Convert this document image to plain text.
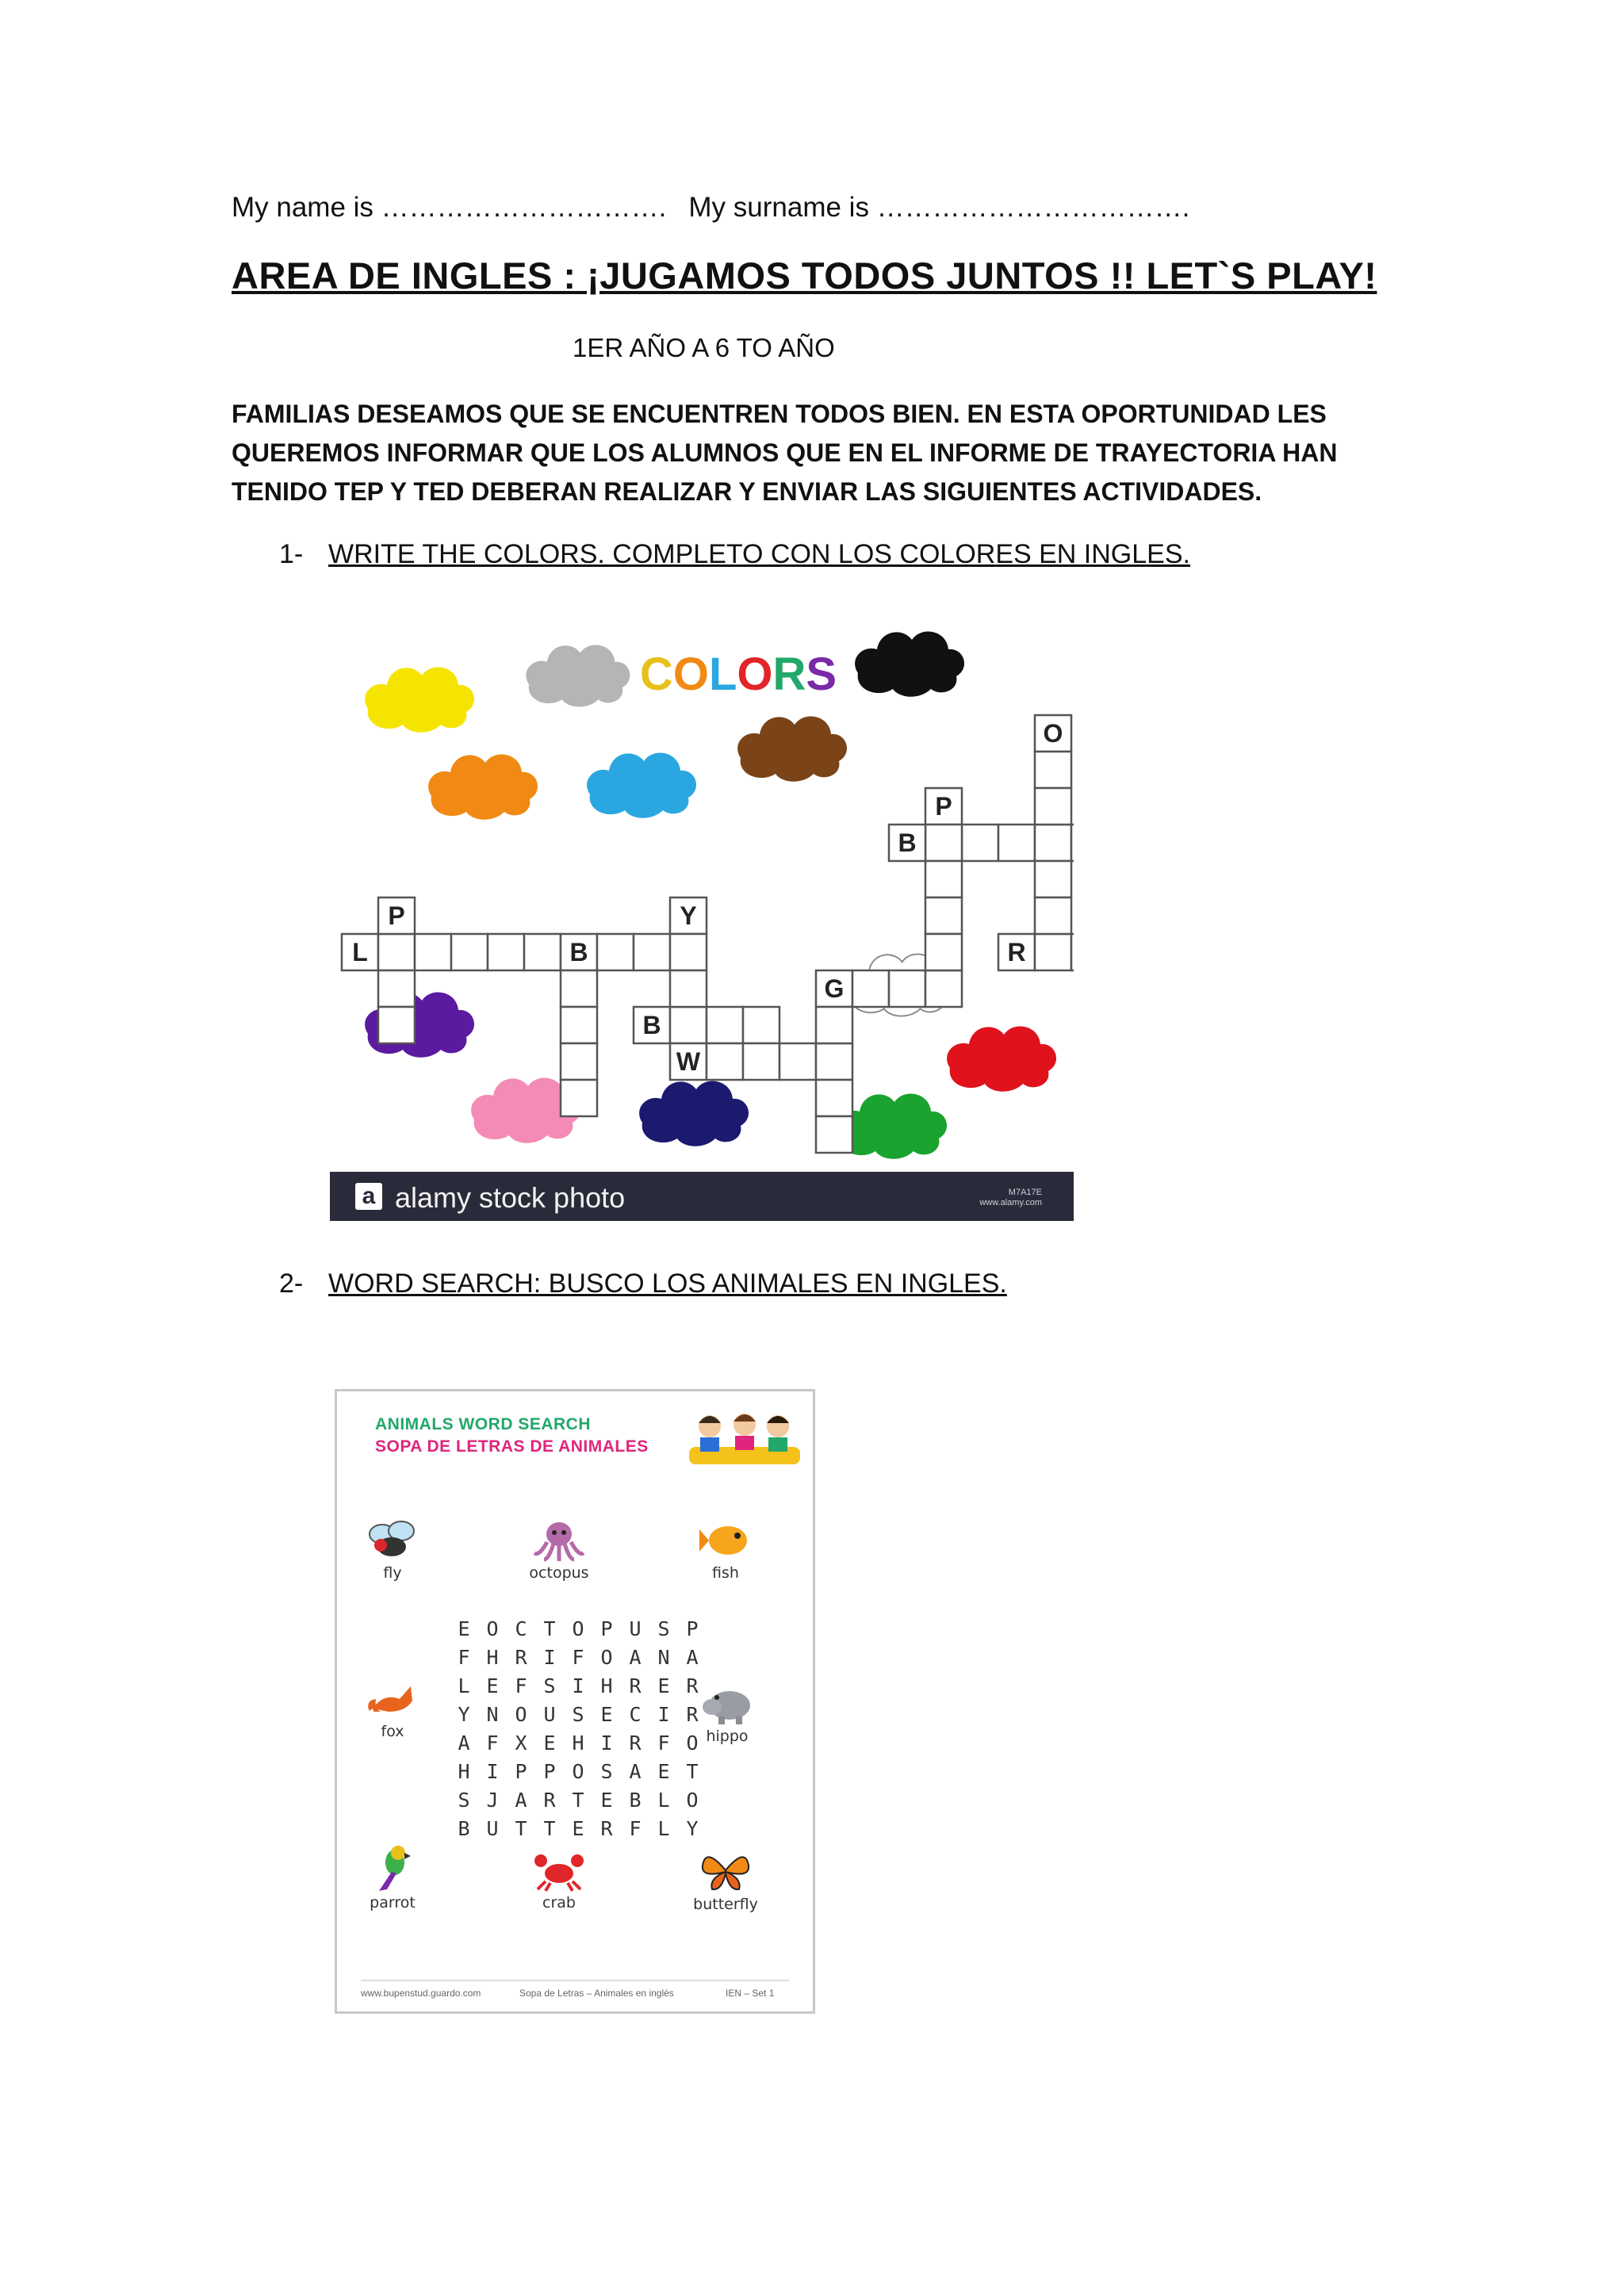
My name is …………………………. My surname is …………………………….
AREA DE INGLES : ¡JUGAMOS TODOS JUNTOS !! LET`S PLAY!
1ER AÑO A 6 TO AÑO
FAMILIAS DESEAMOS QUE SE ENCUENTREN TODOS BIEN. EN ESTA OPORTUNIDAD LES QUEREMOS INFORMAR QUE LOS ALUMNOS QUE EN EL INFORME DE TRAYECTORIA HAN TENIDO TEP Y TED DEBERAN REALIZAR Y ENVIAR LAS SIGUIENTES ACTIVIDADES.
1- WRITE THE COLORS. COMPLETO CON LOS COLORES EN INGLES.
COLORS
O
P
B
P	Y
L	B	R
G
B
W
a alamy stock photo	M7A17E
www.alamy.com
2- WORD SEARCH: BUSCO LOS ANIMALES EN INGLES.
ANIMALS WORD SEARCH
SOPA DE LETRAS DE ANIMALES
fly	octopus	fish
fox	hippo
parrot	crab	butterfly
E O C T O P U S P
F H R I F O A N A
L E F S I H R E R
Y N O U S E C I R
A F X E H I R F O
H I P P O S A E T
S J A R T E B L O
B U T T E R F L Y
www.bupenstud.guardo.com	Sopa de Letras – Animales en inglés	IEN – Set 1
